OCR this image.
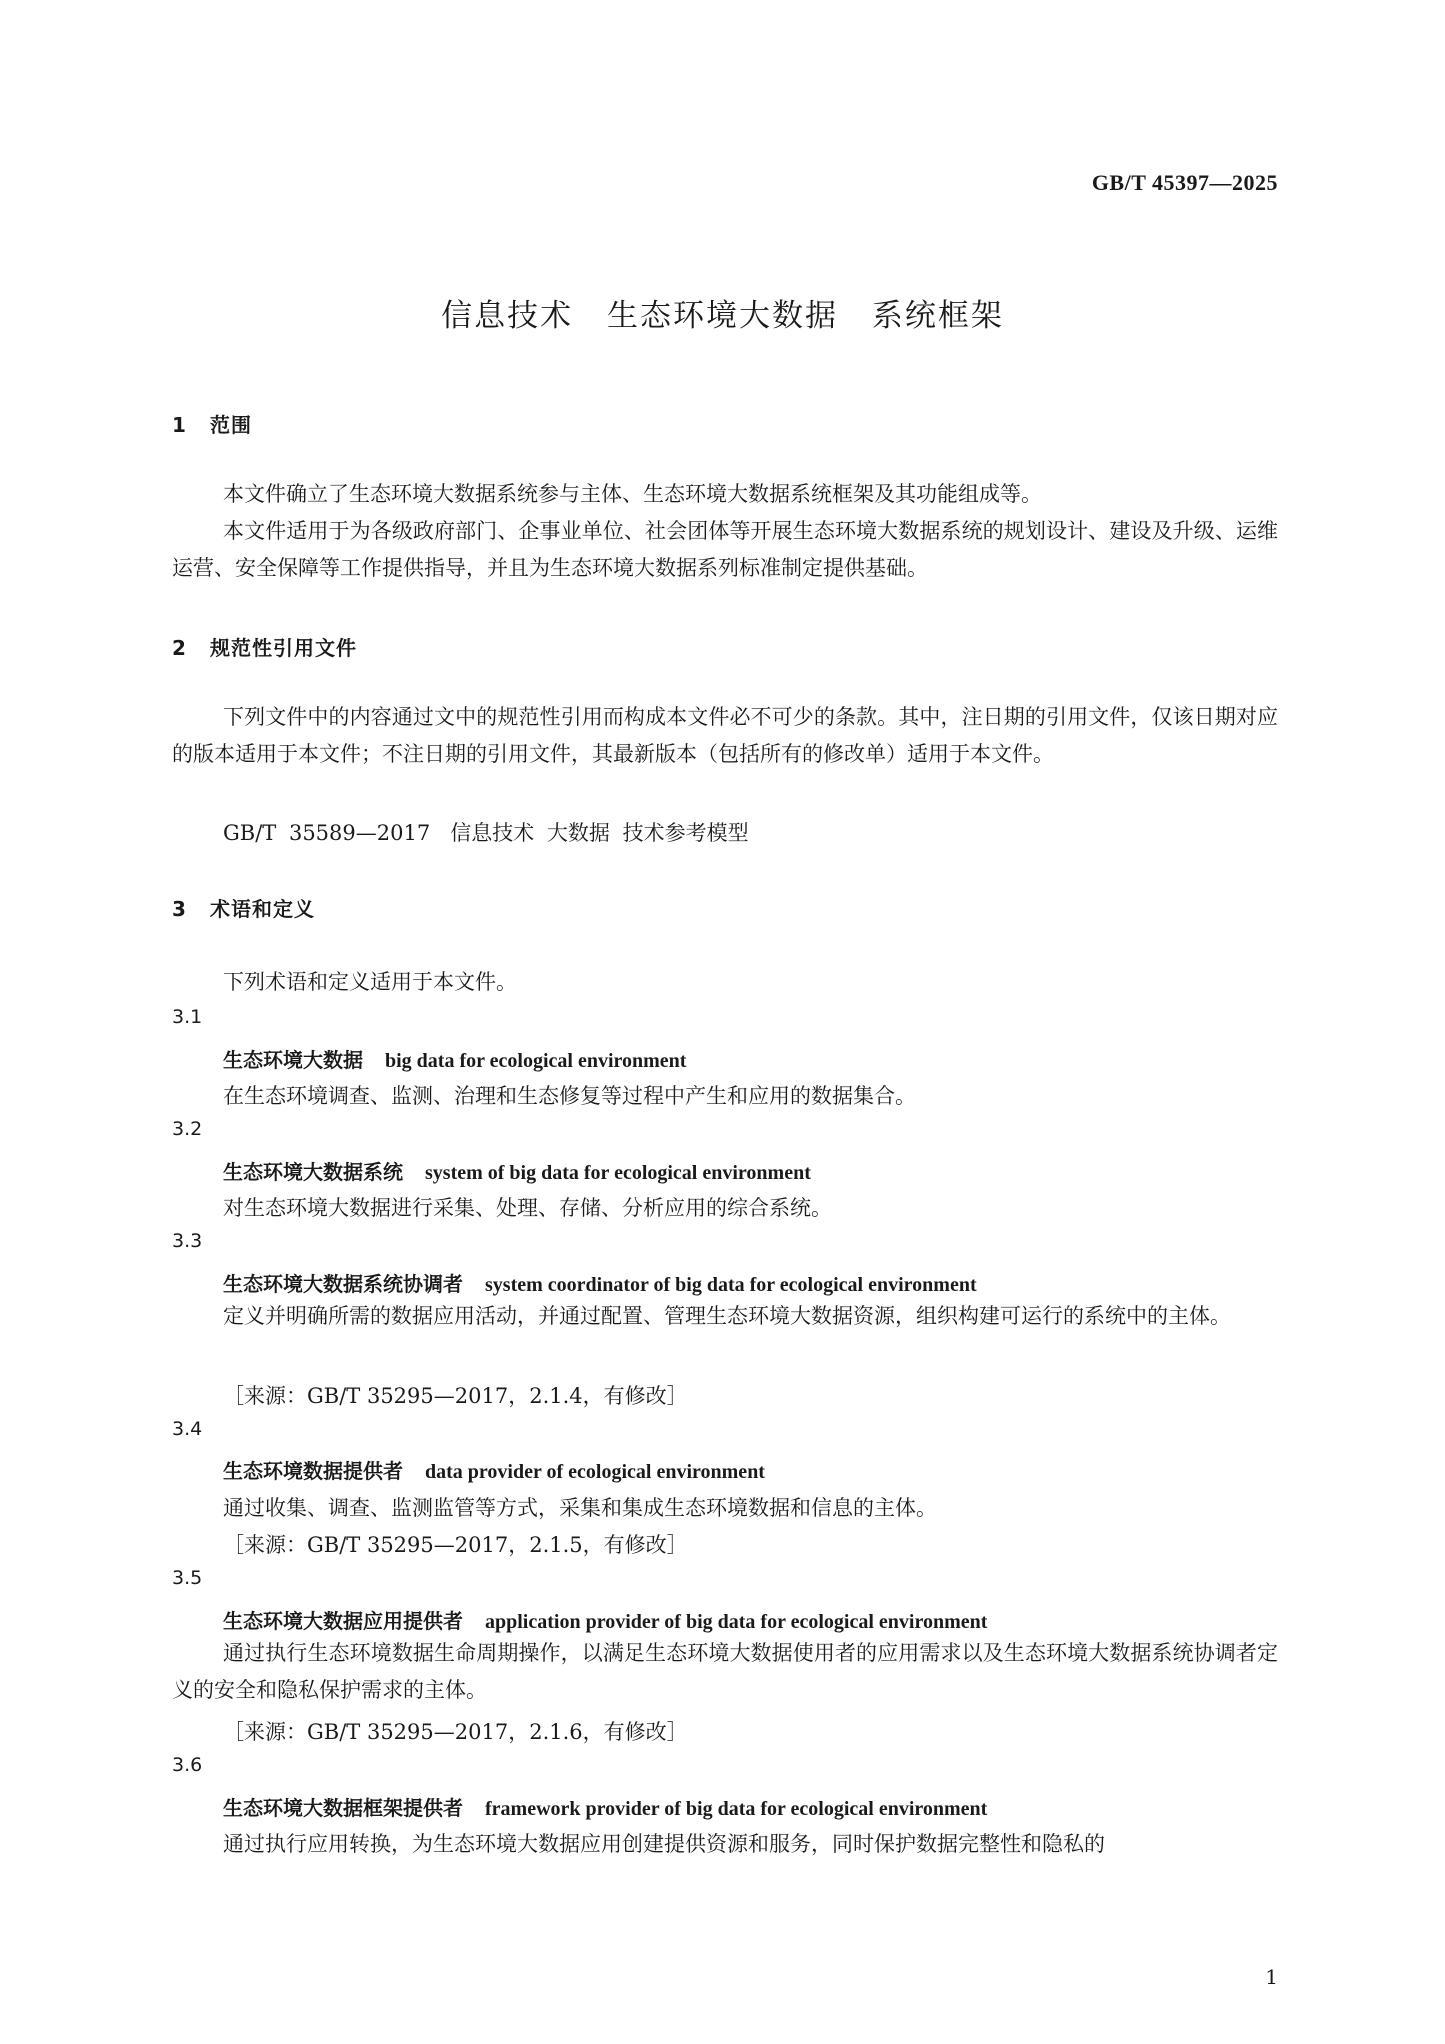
GB/T 45397—2025
信息技术 生态环境大数据 系统框架
1 范围

本文件确立了生态环境大数据系统参与主体、生态环境大数据系统框架及其功能组成等。

本文件适用于为各级政府部门、企事业单位、社会团体等开展生态环境大数据系统的规划设计、建设及升级、运维运营、安全保障等工作提供指导，并且为生态环境大数据系列标准制定提供基础。

2 规范性引用文件

下列文件中的内容通过文中的规范性引用而构成本文件必不可少的条款。其中，注日期的引用文件，仅该日期对应的版本适用于本文件；不注日期的引用文件，其最新版本（包括所有的修改单）适用于本文件。

GB/T 35589—2017 信息技术 大数据 技术参考模型
3 术语和定义
下列术语和定义适用于本文件。
3.1
生态环境大数据 big data for ecological environment
在生态环境调查、监测、治理和生态修复等过程中产生和应用的数据集合。
3.2
生态环境大数据系统 system of big data for ecological environment
对生态环境大数据进行采集、处理、存储、分析应用的综合系统。
3.3
生态环境大数据系统协调者 system coordinator of big data for ecological environment

定义并明确所需的数据应用活动，并通过配置、管理生态环境大数据资源，组织构建可运行的系统中的主体。

［来源：GB/T 35295—2017，2.1.4，有修改］
3.4
生态环境数据提供者 data provider of ecological environment
通过收集、调查、监测监管等方式，采集和集成生态环境数据和信息的主体。
［来源：GB/T 35295—2017，2.1.5，有修改］
3.5
生态环境大数据应用提供者 application provider of big data for ecological environment

通过执行生态环境数据生命周期操作，以满足生态环境大数据使用者的应用需求以及生态环境大数据系统协调者定义的安全和隐私保护需求的主体。

［来源：GB/T 35295—2017，2.1.6，有修改］
3.6
生态环境大数据框架提供者 framework provider of big data for ecological environment
通过执行应用转换，为生态环境大数据应用创建提供资源和服务，同时保护数据完整性和隐私的
1
